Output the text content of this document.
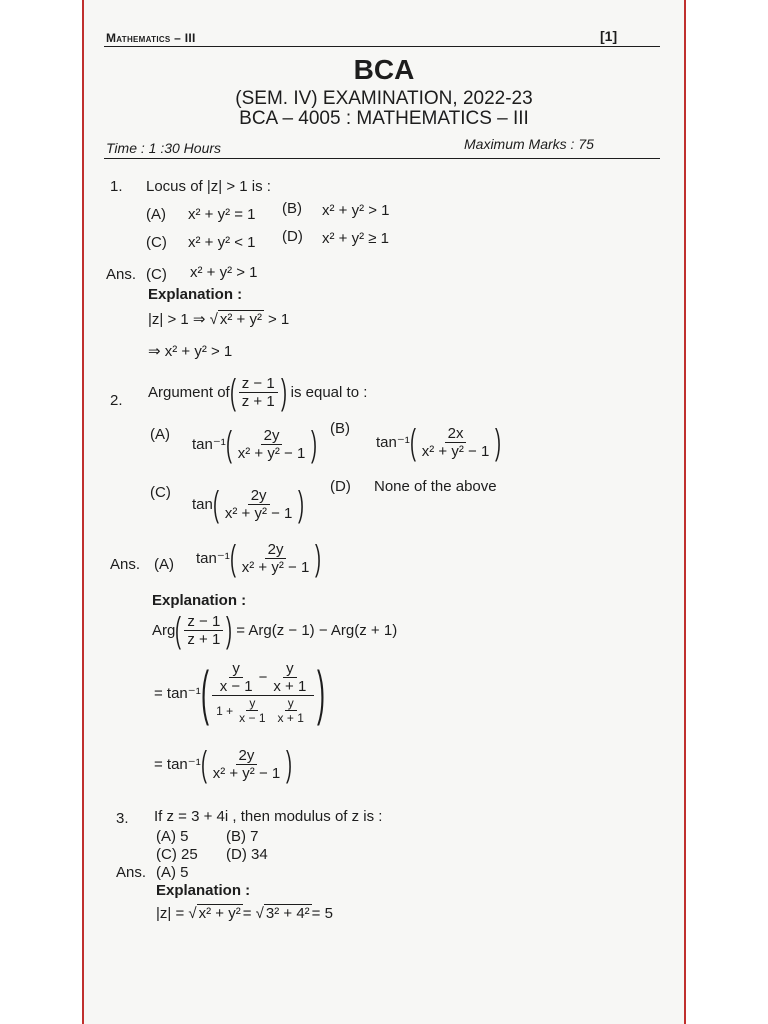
Mathematics – III	[1]
BCA
(SEM. IV) EXAMINATION, 2022-23
BCA – 4005 : MATHEMATICS – III
Time : 1 :30 Hours	Maximum Marks : 75
1. Locus of |z| > 1 is :
(A) x² + y² = 1 (B) x² + y² > 1
(C) x² + y² < 1 (D) x² + y² ≥ 1
Ans. (C) x² + y² > 1
Explanation :
|z| > 1 ⇒ √ x² + y² > 1
⇒ x² + y² > 1
2. Argument of ( $\frac{z - 1}{z + 1}$ ) is equal to :
(A)
tan⁻¹ ( $\frac{2y}{\text{x² + y² − 1}}$ ) (B)
tan⁻¹ ( $\frac{2x}{\text{x² + y² − 1}}$ )
(C)
tan ( $\frac{2y}{\text{x² + y² − 1}}$ ) (D) None of the above
Ans. (A) tan⁻¹ ( $\frac{2y}{\text{x² + y² − 1}}$ )
Explanation :
Arg ( $\frac{z - 1}{z + 1}$ ) = Arg(z − 1) − Arg(z + 1)
= tan⁻¹ ( $\frac{y}{x - 1} - \frac{y}{x + 1}$
$1 + \frac{y}{x - 1} \frac{y}{x + 1}$ )
= tan⁻¹ ( $\frac{2y}{\text{x² + y² − 1}}$ )
3. If z = 3 + 4i , then modulus of z is :
(A) 5 (B) 7
(C) 25 (D) 34
Ans. (A) 5
Explanation :
|z| = √ x² + y² = √ 3² + 4² = 5
